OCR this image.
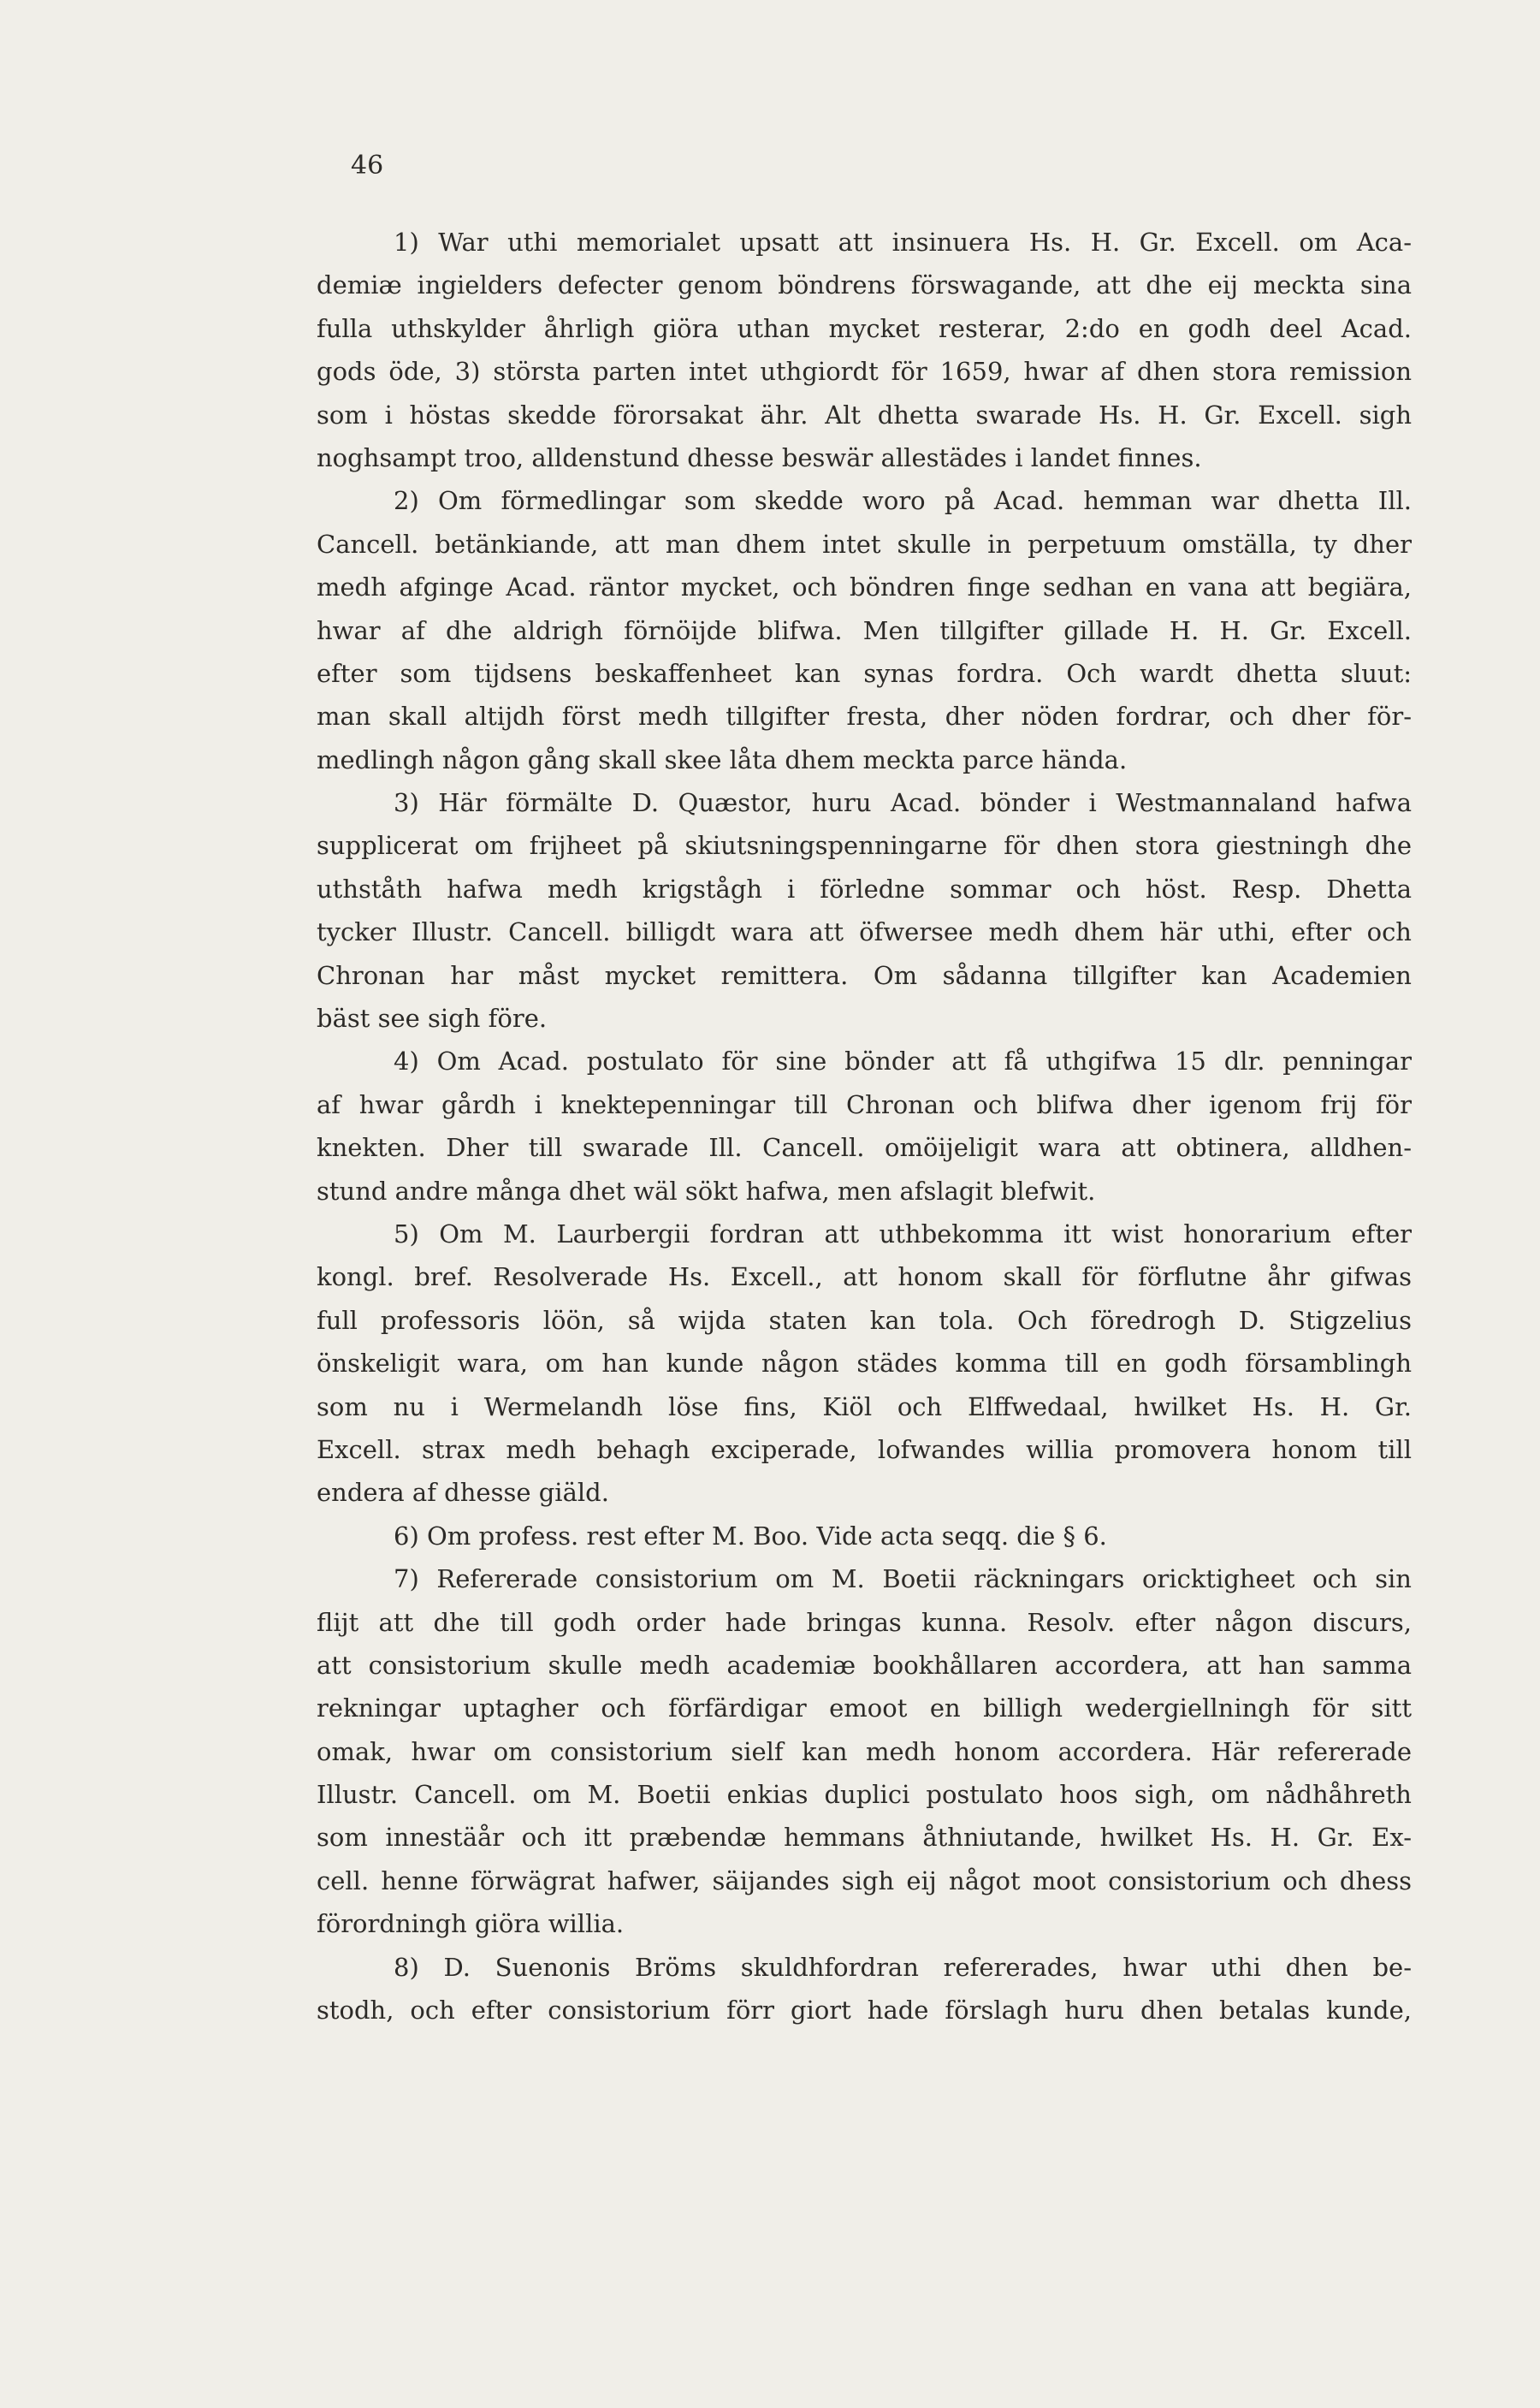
46

1) War uthi memorialet upsatt att insinuera Hs. H. Gr. Excell. om Aca-
demiæ ingielders defecter genom böndrens förswagande, att dhe eij meckta sina
fulla uthskylder åhrligh giöra uthan mycket resterar, 2:do en godh deel Acad.
gods öde, 3) största parten intet uthgiordt för 1659, hwar af dhen stora remission
som i höstas skedde förorsakat ähr. Alt dhetta swarade Hs. H. Gr. Excell. sigh
noghsampt troo, alldenstund dhesse beswär allestädes i landet finnes.
2) Om förmedlingar som skedde woro på Acad. hemman war dhetta Ill.
Cancell. betänkiande, att man dhem intet skulle in perpetuum omställa, ty dher
medh afginge Acad. räntor mycket, och böndren finge sedhan en vana att begiära,
hwar af dhe aldrigh förnöijde blifwa. Men tillgifter gillade H. H. Gr. Excell.
efter som tijdsens beskaffenheet kan synas fordra. Och wardt dhetta sluut:
man skall altijdh först medh tillgifter fresta, dher nöden fordrar, och dher för-
medlingh någon gång skall skee låta dhem meckta parce hända.
3) Här förmälte D. Quæstor, huru Acad. bönder i Westmannaland hafwa
supplicerat om frijheet på skiutsningspenningarne för dhen stora giestningh dhe
uthståth hafwa medh krigstågh i förledne sommar och höst. Resp. Dhetta
tycker Illustr. Cancell. billigdt wara att öfwersee medh dhem här uthi, efter och
Chronan har måst mycket remittera. Om sådanna tillgifter kan Academien
bäst see sigh före.
4) Om Acad. postulato för sine bönder att få uthgifwa 15 dlr. penningar
af hwar gårdh i knektepenningar till Chronan och blifwa dher igenom frij för
knekten. Dher till swarade Ill. Cancell. omöijeligit wara att obtinera, alldhen-
stund andre många dhet wäl sökt hafwa, men afslagit blefwit.
5) Om M. Laurbergii fordran att uthbekomma itt wist honorarium efter
kongl. bref. Resolverade Hs. Excell., att honom skall för förflutne åhr gifwas
full professoris löön, så wijda staten kan tola. Och föredrogh D. Stigzelius
önskeligit wara, om han kunde någon städes komma till en godh församblingh
som nu i Wermelandh löse fins, Kiöl och Elffwedaal, hwilket Hs. H. Gr.
Excell. strax medh behagh exciperade, lofwandes willia promovera honom till
endera af dhesse giäld.
6) Om profess. rest efter M. Boo. Vide acta seqq. die § 6.
7) Refererade consistorium om M. Boetii räckningars oricktigheet och sin
flijt att dhe till godh order hade bringas kunna. Resolv. efter någon discurs,
att consistorium skulle medh academiæ bookhållaren accordera, att han samma
rekningar uptagher och förfärdigar emoot en billigh wedergiellningh för sitt
omak, hwar om consistorium sielf kan medh honom accordera. Här refererade
Illustr. Cancell. om M. Boetii enkias duplici postulato hoos sigh, om nådhåhreth
som innestäår och itt præbendæ hemmans åthniutande, hwilket Hs. H. Gr. Ex-
cell. henne förwägrat hafwer, säijandes sigh eij något moot consistorium och dhess
förordningh giöra willia.
8) D. Suenonis Bröms skuldhfordran refererades, hwar uthi dhen be-
stodh, och efter consistorium förr giort hade förslagh huru dhen betalas kunde,
